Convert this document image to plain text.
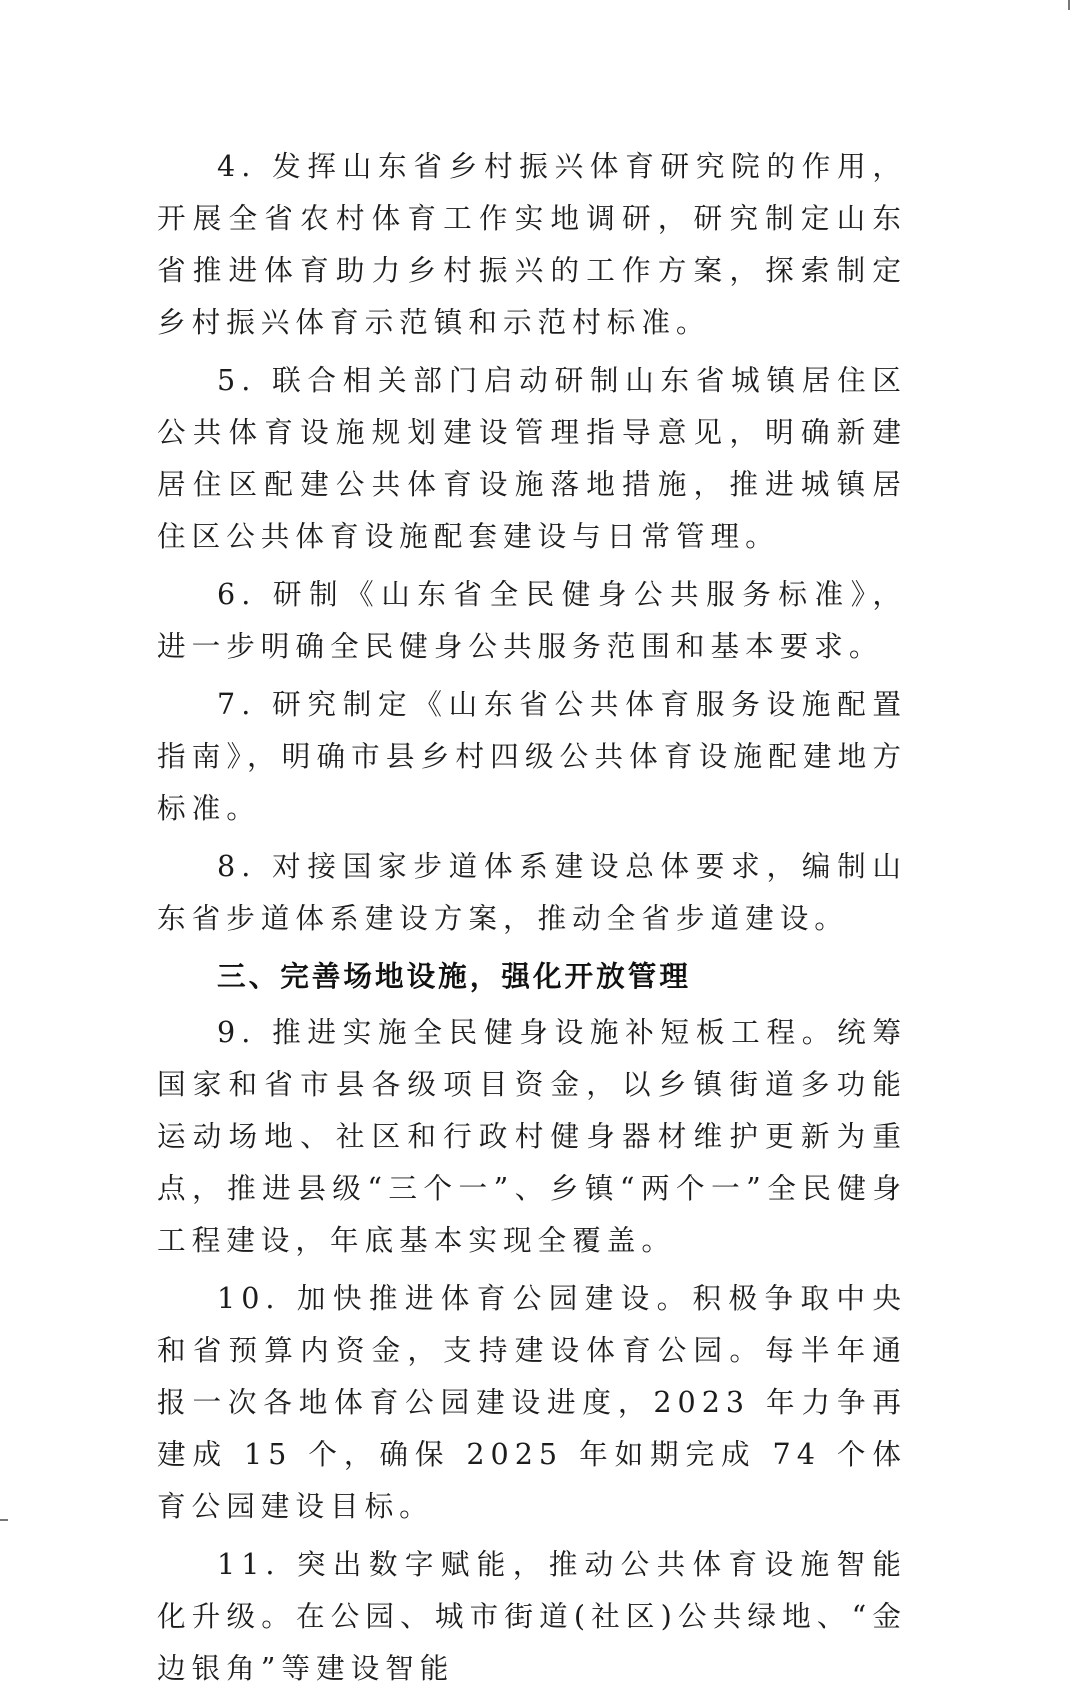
4. 发挥山东省乡村振兴体育研究院的作用，开展全省农村体育工作实地调研，研究制定山东省推进体育助力乡村振兴的工作方案，探索制定乡村振兴体育示范镇和示范村标准。

5. 联合相关部门启动研制山东省城镇居住区公共体育设施规划建设管理指导意见，明确新建居住区配建公共体育设施落地措施，推进城镇居住区公共体育设施配套建设与日常管理。

6. 研制《山东省全民健身公共服务标准》，进一步明确全民健身公共服务范围和基本要求。

7. 研究制定《山东省公共体育服务设施配置指南》，明确市县乡村四级公共体育设施配建地方标准。

8. 对接国家步道体系建设总体要求，编制山东省步道体系建设方案，推动全省步道建设。

三、完善场地设施，强化开放管理

9. 推进实施全民健身设施补短板工程。统筹国家和省市县各级项目资金，以乡镇街道多功能运动场地、社区和行政村健身器材维护更新为重点，推进县级“三个一”、乡镇“两个一”全民健身工程建设，年底基本实现全覆盖。

10. 加快推进体育公园建设。积极争取中央和省预算内资金，支持建设体育公园。每半年通报一次各地体育公园建设进度，2023 年力争再建成 15 个，确保 2025 年如期完成 74 个体育公园建设目标。

11. 突出数字赋能，推动公共体育设施智能化升级。在公园、城市街道(社区)公共绿地、“金边银角”等建设智能
